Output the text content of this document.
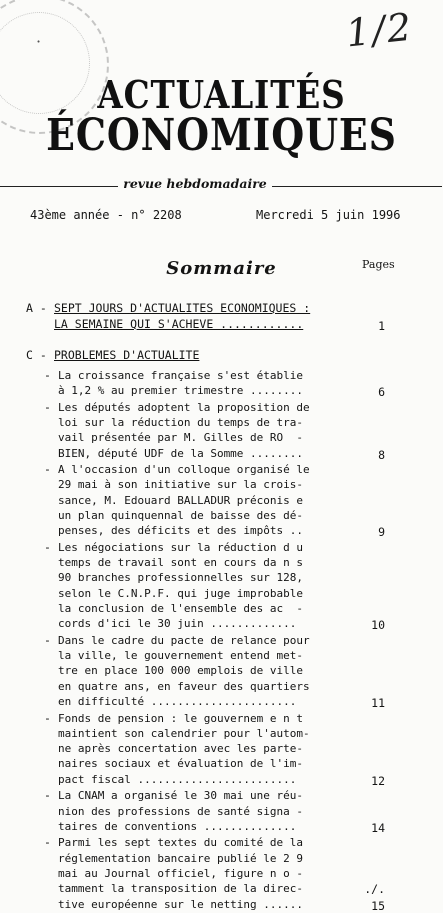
·	1/2
ACTUALITÉS
ÉCONOMIQUES
revue hebdomadaire
43ème année - n° 2208	Mercredi 5 juin 1996
Sommaire	Pages
A - SEPT JOURS D'ACTUALITES ECONOMIQUES :
LA SEMAINE QUI S'ACHEVE ............	1
C - PROBLEMES D'ACTUALITE
- La croissance française s'est établie
à 1,2 % au premier trimestre ........	6
- Les députés adoptent la proposition de
loi sur la réduction du temps de tra-
vail présentée par M. Gilles de RO  -
BIEN, député UDF de la Somme ........	8
- A l'occasion d'un colloque organisé le
29 mai à son initiative sur la crois-
sance, M. Edouard BALLADUR préconis e
un plan quinquennal de baisse des dé-
penses, des déficits et des impôts ..	9
- Les négociations sur la réduction d u
temps de travail sont en cours da n s
90 branches professionnelles sur 128,
selon le C.N.P.F. qui juge improbable
la conclusion de l'ensemble des ac  -
cords d'ici le 30 juin .............	10
- Dans le cadre du pacte de relance pour
la ville, le gouvernement entend met-
tre en place 100 000 emplois de ville
en quatre ans, en faveur des quartiers
en difficulté ......................	11
- Fonds de pension : le gouvernem e n t
maintient son calendrier pour l'autom-
ne après concertation avec les parte-
naires sociaux et évaluation de l'im-
pact fiscal ........................	12
- La CNAM a organisé le 30 mai une réu-
nion des professions de santé signa -
taires de conventions ..............	14
- Parmi les sept textes du comité de la
réglementation bancaire publié le 2 9
mai au Journal officiel, figure n o -
tamment la transposition de la direc-
tive européenne sur le netting ......	15
./.
